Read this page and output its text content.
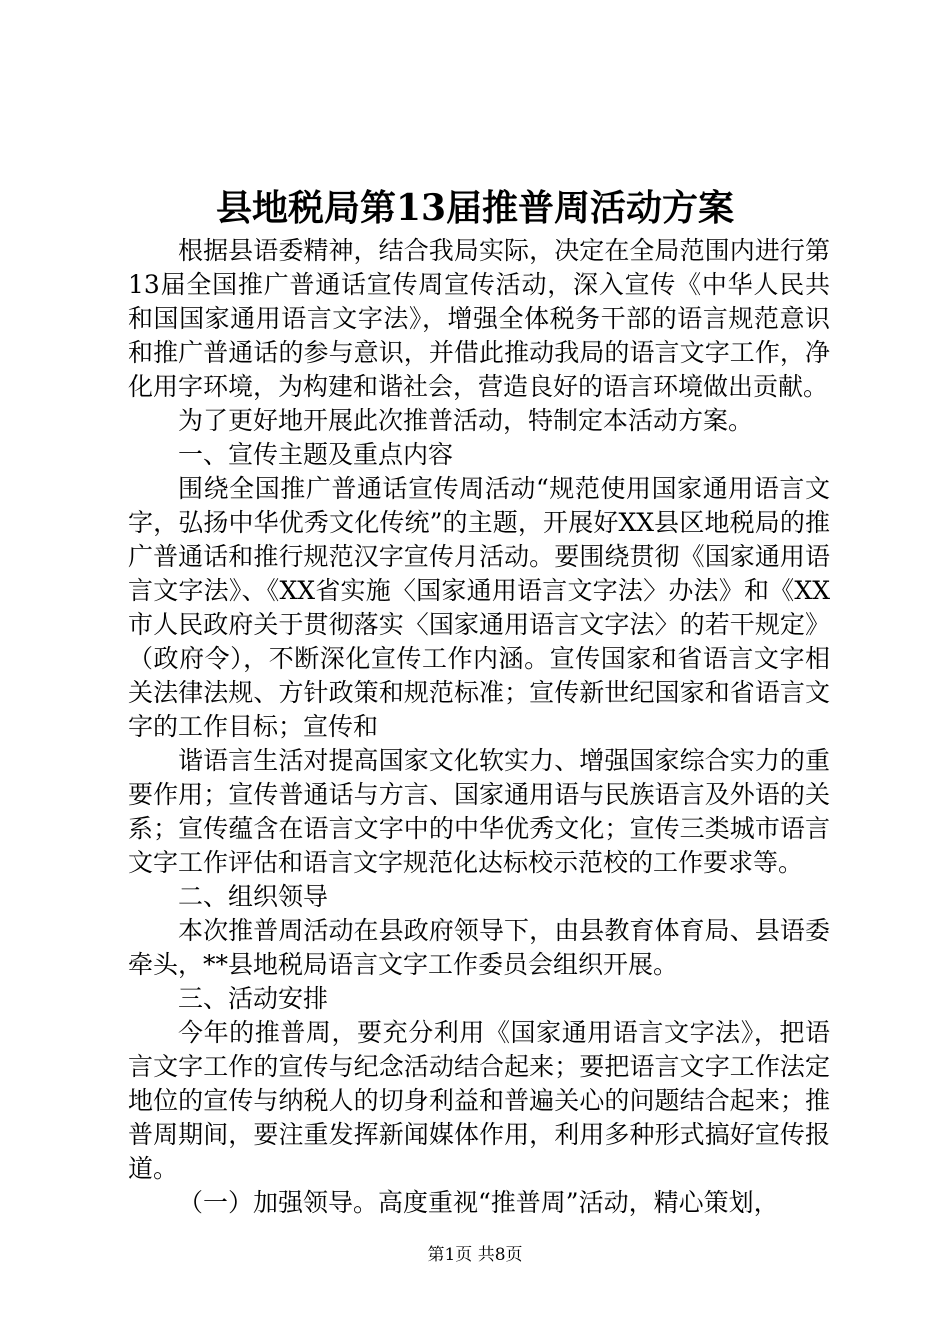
县地税局第13届推普周活动方案

根据县语委精神，结合我局实际，决定在全局范围内进行第13届全国推广普通话宣传周宣传活动，深入宣传《中华人民共和国国家通用语言文字法》，增强全体税务干部的语言规范意识和推广普通话的参与意识，并借此推动我局的语言文字工作，净化用字环境，为构建和谐社会，营造良好的语言环境做出贡献。

为了更好地开展此次推普活动，特制定本活动方案。

一、宣传主题及重点内容

围绕全国推广普通话宣传周活动“规范使用国家通用语言文字，弘扬中华优秀文化传统”的主题，开展好XX县区地税局的推广普通话和推行规范汉字宣传月活动。要围绕贯彻《国家通用语言文字法》、《XX省实施〈国家通用语言文字法〉办法》和《XX市人民政府关于贯彻落实〈国家通用语言文字法〉的若干规定》（政府令），不断深化宣传工作内涵。宣传国家和省语言文字相关法律法规、方针政策和规范标准；宣传新世纪国家和省语言文字的工作目标；宣传和

谐语言生活对提高国家文化软实力、增强国家综合实力的重要作用；宣传普通话与方言、国家通用语与民族语言及外语的关系；宣传蕴含在语言文字中的中华优秀文化；宣传三类城市语言文字工作评估和语言文字规范化达标校示范校的工作要求等。

二、组织领导

本次推普周活动在县政府领导下，由县教育体育局、县语委牵头，**县地税局语言文字工作委员会组织开展。

三、活动安排

今年的推普周，要充分利用《国家通用语言文字法》，把语言文字工作的宣传与纪念活动结合起来；要把语言文字工作法定地位的宣传与纳税人的切身利益和普遍关心的问题结合起来；推普周期间，要注重发挥新闻媒体作用，利用多种形式搞好宣传报道。

（一）加强领导。高度重视“推普周”活动，精心策划，

第1页 共8页
